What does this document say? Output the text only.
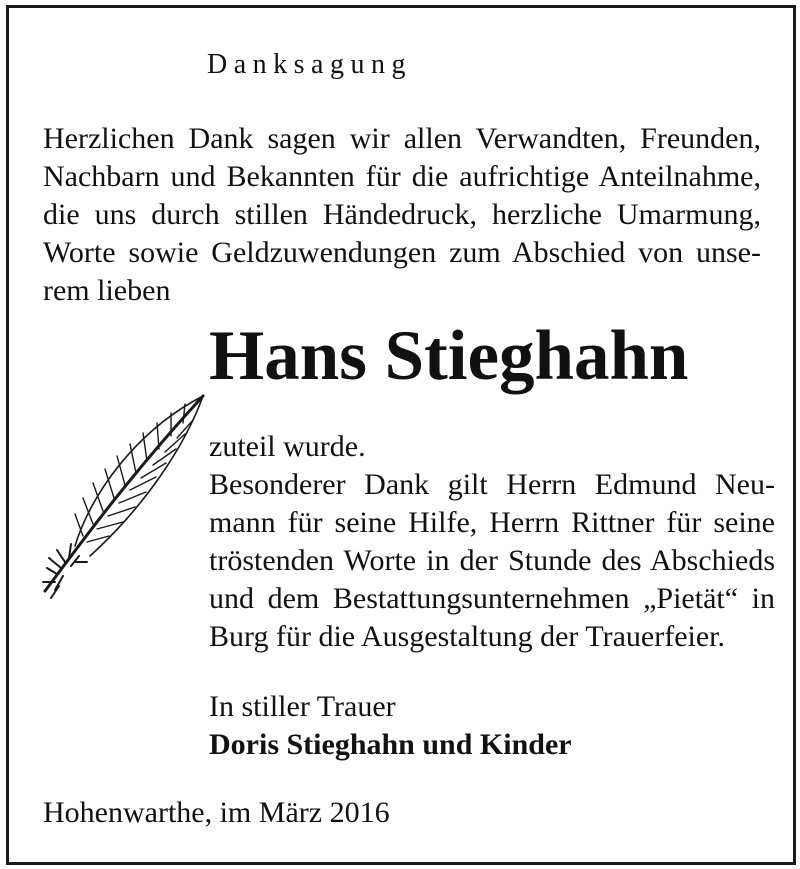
Danksagung

Herzlichen Dank sagen wir allen Verwandten, Freunden,
Nachbarn und Bekannten für die aufrichtige Anteilnahme,
die uns durch stillen Händedruck, herzliche Umarmung,
Worte sowie Geldzuwendungen zum Abschied von unse-
rem lieben

Hans Stieghahn

zuteil wurde.
Besonderer Dank gilt Herrn Edmund Neu-
mann für seine Hilfe, Herrn Rittner für seine
tröstenden Worte in der Stunde des Abschieds
und dem Bestattungsunternehmen „Pietät“ in
Burg für die Ausgestaltung der Trauerfeier.

In stiller Trauer
Doris Stieghahn und Kinder
Hohenwarthe, im März 2016
